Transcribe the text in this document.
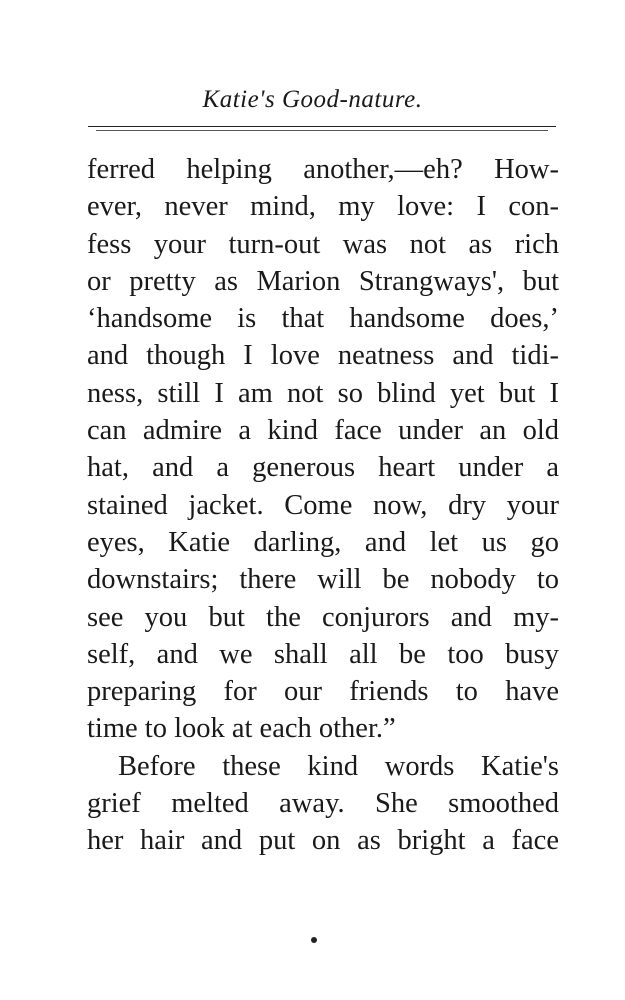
Katie's Good-nature.
ferred helping another,—eh? How-
ever, never mind, my love: I con-
fess your turn-out was not as rich
or pretty as Marion Strangways', but
‘handsome is that handsome does,’
and though I love neatness and tidi-
ness, still I am not so blind yet but I
can admire a kind face under an old
hat, and a generous heart under a
stained jacket. Come now, dry your
eyes, Katie darling, and let us go
downstairs; there will be nobody to
see you but the conjurors and my-
self, and we shall all be too busy
preparing for our friends to have
time to look at each other.”
Before these kind words Katie's
grief melted away. She smoothed
her hair and put on as bright a face
